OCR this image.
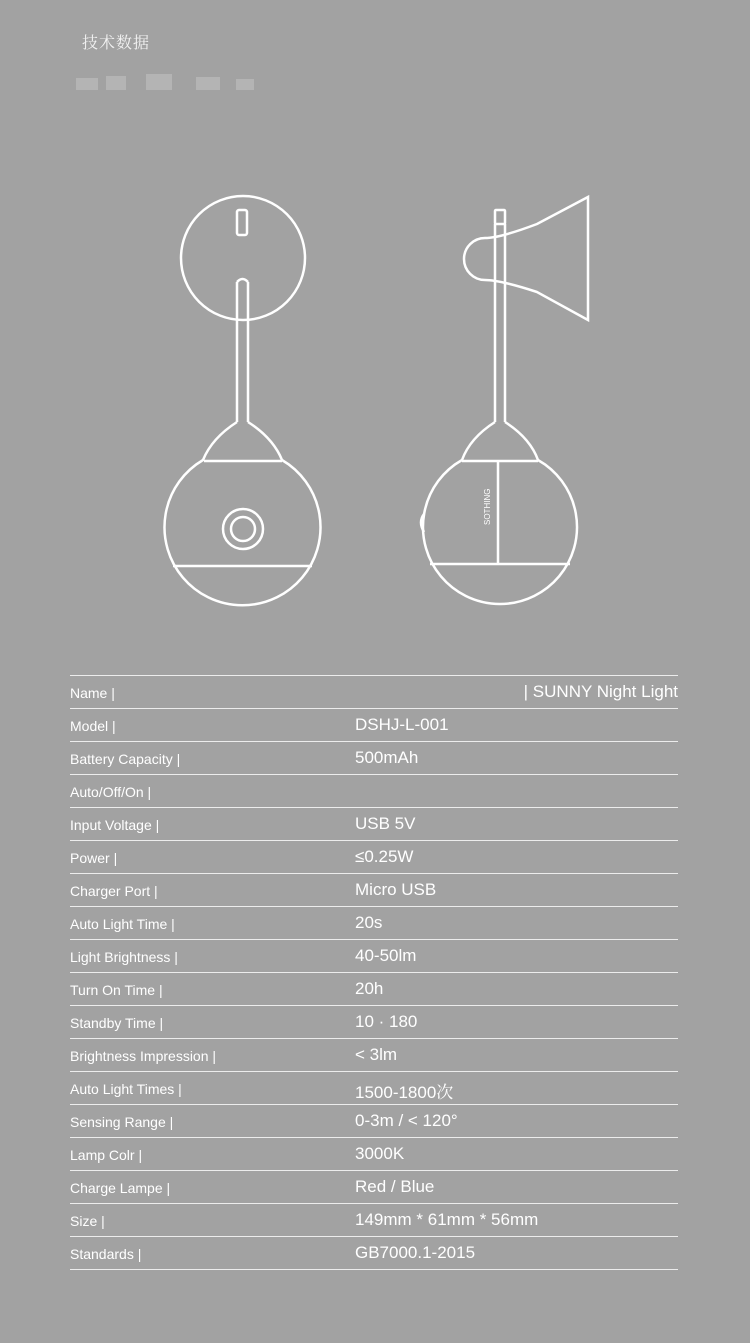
技术数据
SOTHING
Name |	| SUNNY Night Light
Model |	DSHJ-L-001
Battery Capacity |	500mAh
Auto/Off/On |
Input Voltage |	USB 5V
Power |	≤0.25W
Charger Port |	Micro USB
Auto Light Time |	20s
Light Brightness |	40-50lm
Turn On Time |	20h
Standby Time |	10 · 180
Brightness Impression |	< 3lm
Auto Light Times |	1500-1800次
Sensing Range |	0-3m / < 120°
Lamp Colr |	3000K
Charge Lampe |	Red / Blue
Size |	149mm * 61mm * 56mm
Standards |	GB7000.1-2015
